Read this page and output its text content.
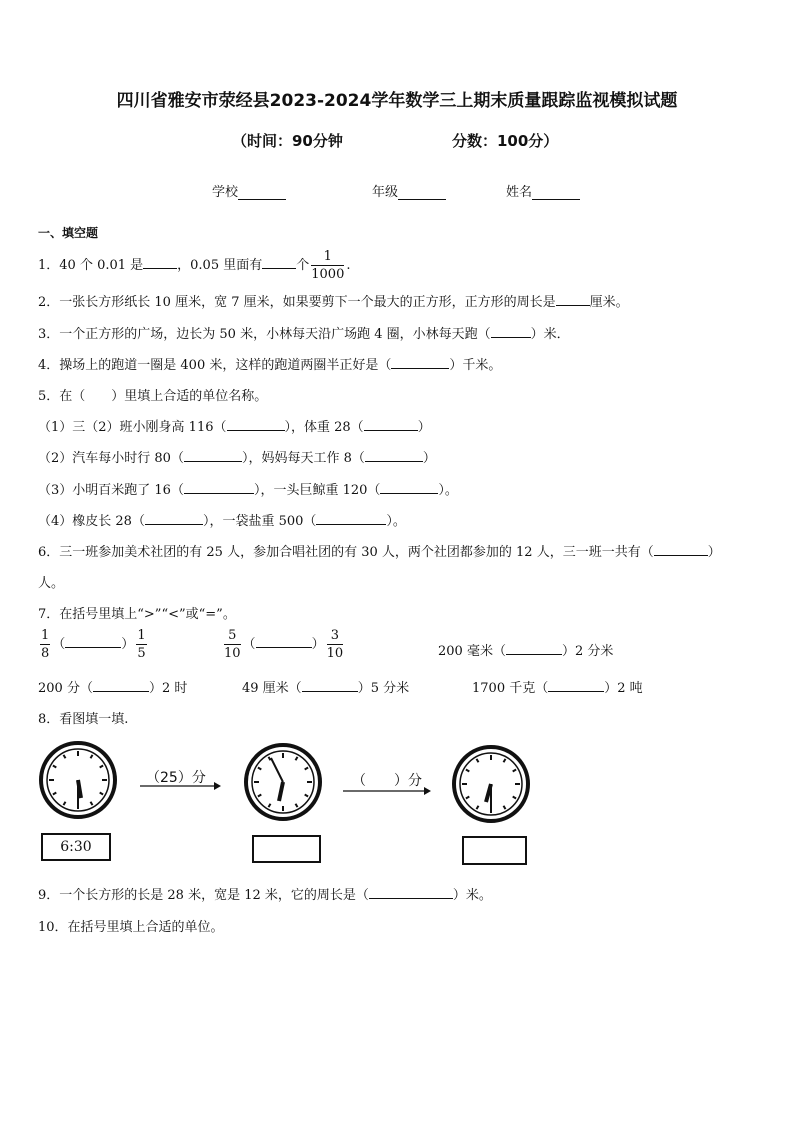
四川省雅安市荥经县2023-2024学年数学三上期末质量跟踪监视模拟试题
（时间：90分钟	分数：100分）
学校	年级	姓名
一、填空题
1．40 个 0.01 是	，0.05 里面有	个 $\frac{1}{1000}$ .
2．一张长方形纸长 10 厘米，宽 7 厘米，如果要剪下一个最大的正方形，正方形的周长是	厘米。
3．一个正方形的广场，边长为 50 米，小林每天沿广场跑 4 圈，小林每天跑（	）米．
4．操场上的跑道一圈是 400 米，这样的跑道两圈半正好是（	）千米。
5．在（　　）里填上合适的单位名称。
（1）三（2）班小刚身高 116（	），体重 28（	）
（2）汽车每小时行 80（	），妈妈每天工作 8（	）
（3）小明百米跑了 16（	），一头巨鲸重 120（	）。
（4）橡皮长 28（	），一袋盐重 500（	）。
6．三一班参加美术社团的有 25 人，参加合唱社团的有 30 人，两个社团都参加的 12 人，三一班一共有（	）
人。
7．在括号里填上“>”“<”或“=”。
$\frac{1}{8}$ （	） $\frac{1}{5}$	$\frac{5}{10}$ （	） $\frac{3}{10}$	200 毫米（	）2 分米
200 分（	）2 时	49 厘米（	）5 分米	1700 千克（	）2 吨
8．看图填一填.
（25）分	（　　）分
6:30
9．一个长方形的长是 28 米，宽是 12 米，它的周长是（	）米。
10．在括号里填上合适的单位。
